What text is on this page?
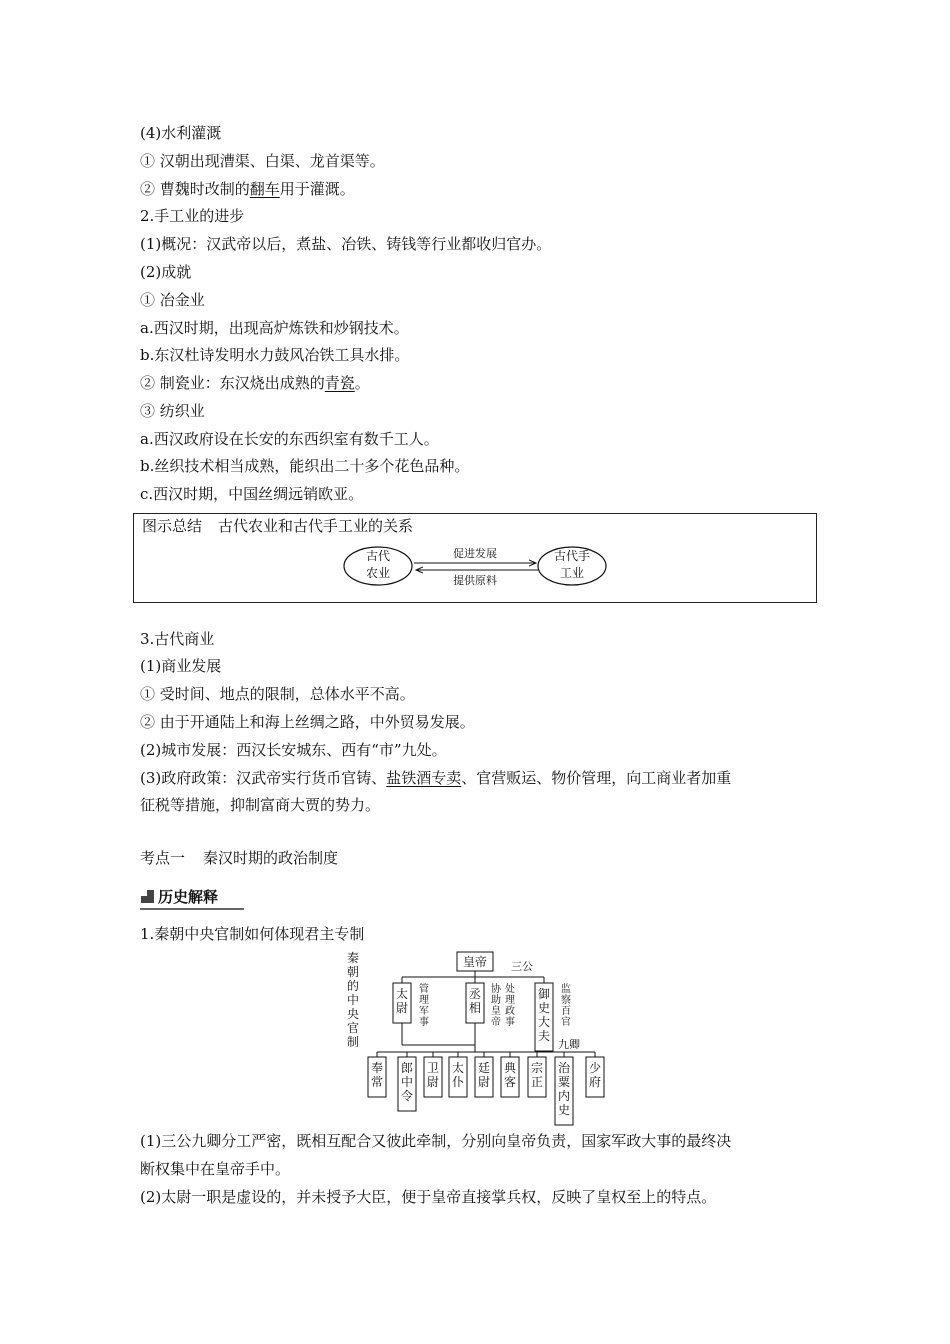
(4)水利灌溉
① 汉朝出现漕渠、白渠、龙首渠等。
② 曹魏时改制的翻车用于灌溉。
2.手工业的进步
(1)概况：汉武帝以后，煮盐、冶铁、铸钱等行业都收归官办。
(2)成就
① 冶金业
a.西汉时期，出现高炉炼铁和炒钢技术。
b.东汉杜诗发明水力鼓风冶铁工具水排。
② 制瓷业：东汉烧出成熟的青瓷。
③ 纺织业
a.西汉政府设在长安的东西织室有数千工人。
b.丝织技术相当成熟，能织出二十多个花色品种。
c.西汉时期，中国丝绸远销欧亚。
图示总结 古代农业和古代手工业的关系
古代
农业
古代手
工业
促进发展
提供原料
3.古代商业
(1)商业发展
① 受时间、地点的限制，总体水平不高。
② 由于开通陆上和海上丝绸之路，中外贸易发展。
(2)城市发展：西汉长安城东、西有“市”九处。
(3)政府政策：汉武帝实行货币官铸、盐铁酒专卖、官营贩运、物价管理，向工商业者加重
征税等措施，抑制富商大贾的势力。
考点一 秦汉时期的政治制度
历史解释
1.秦朝中央官制如何体现君主专制
皇帝 三公
九卿
秦
朝
的
中
央
官
制
太
尉
管
理
军
事
丞
相
协
助
皇
帝
处
理
政
事
御
史
大
夫
监
察
百
官
奉
常
郎
中
令
卫
尉
太
仆
廷
尉
典
客
宗
正
治
粟
内
史
少
府
(1)三公九卿分工严密，既相互配合又彼此牵制，分别向皇帝负责，国家军政大事的最终决
断权集中在皇帝手中。
(2)太尉一职是虚设的，并未授予大臣，便于皇帝直接掌兵权，反映了皇权至上的特点。
